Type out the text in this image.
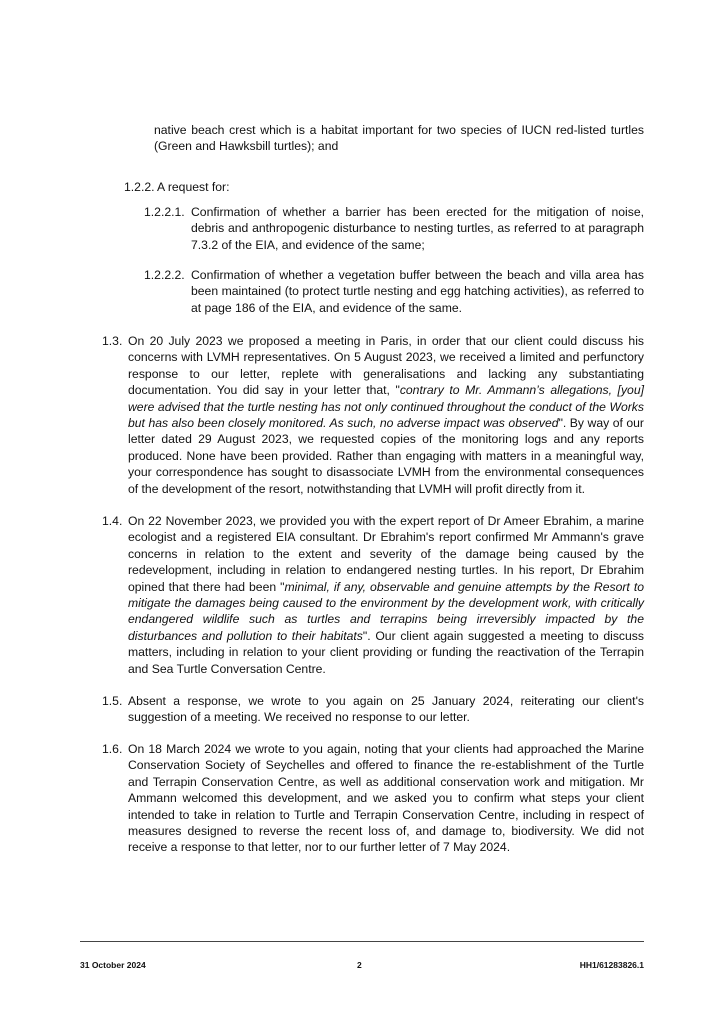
native beach crest which is a habitat important for two species of IUCN red-listed turtles (Green and Hawksbill turtles); and
1.2.2. A request for:
1.2.2.1. Confirmation of whether a barrier has been erected for the mitigation of noise, debris and anthropogenic disturbance to nesting turtles, as referred to at paragraph 7.3.2 of the EIA, and evidence of the same;
1.2.2.2. Confirmation of whether a vegetation buffer between the beach and villa area has been maintained (to protect turtle nesting and egg hatching activities), as referred to at page 186 of the EIA, and evidence of the same.
1.3. On 20 July 2023 we proposed a meeting in Paris, in order that our client could discuss his concerns with LVMH representatives. On 5 August 2023, we received a limited and perfunctory response to our letter, replete with generalisations and lacking any substantiating documentation. You did say in your letter that, "contrary to Mr. Ammann’s allegations, [you] were advised that the turtle nesting has not only continued throughout the conduct of the Works but has also been closely monitored. As such, no adverse impact was observed". By way of our letter dated 29 August 2023, we requested copies of the monitoring logs and any reports produced. None have been provided. Rather than engaging with matters in a meaningful way, your correspondence has sought to disassociate LVMH from the environmental consequences of the development of the resort, notwithstanding that LVMH will profit directly from it.
1.4. On 22 November 2023, we provided you with the expert report of Dr Ameer Ebrahim, a marine ecologist and a registered EIA consultant. Dr Ebrahim's report confirmed Mr Ammann's grave concerns in relation to the extent and severity of the damage being caused by the redevelopment, including in relation to endangered nesting turtles. In his report, Dr Ebrahim opined that there had been "minimal, if any, observable and genuine attempts by the Resort to mitigate the damages being caused to the environment by the development work, with critically endangered wildlife such as turtles and terrapins being irreversibly impacted by the disturbances and pollution to their habitats". Our client again suggested a meeting to discuss matters, including in relation to your client providing or funding the reactivation of the Terrapin and Sea Turtle Conversation Centre.
1.5. Absent a response, we wrote to you again on 25 January 2024, reiterating our client's suggestion of a meeting. We received no response to our letter.
1.6. On 18 March 2024 we wrote to you again, noting that your clients had approached the Marine Conservation Society of Seychelles and offered to finance the re-establishment of the Turtle and Terrapin Conservation Centre, as well as additional conservation work and mitigation. Mr Ammann welcomed this development, and we asked you to confirm what steps your client intended to take in relation to Turtle and Terrapin Conservation Centre, including in respect of measures designed to reverse the recent loss of, and damage to, biodiversity. We did not receive a response to that letter, nor to our further letter of 7 May 2024.
31 October 2024	2	HH1/61283826.1
